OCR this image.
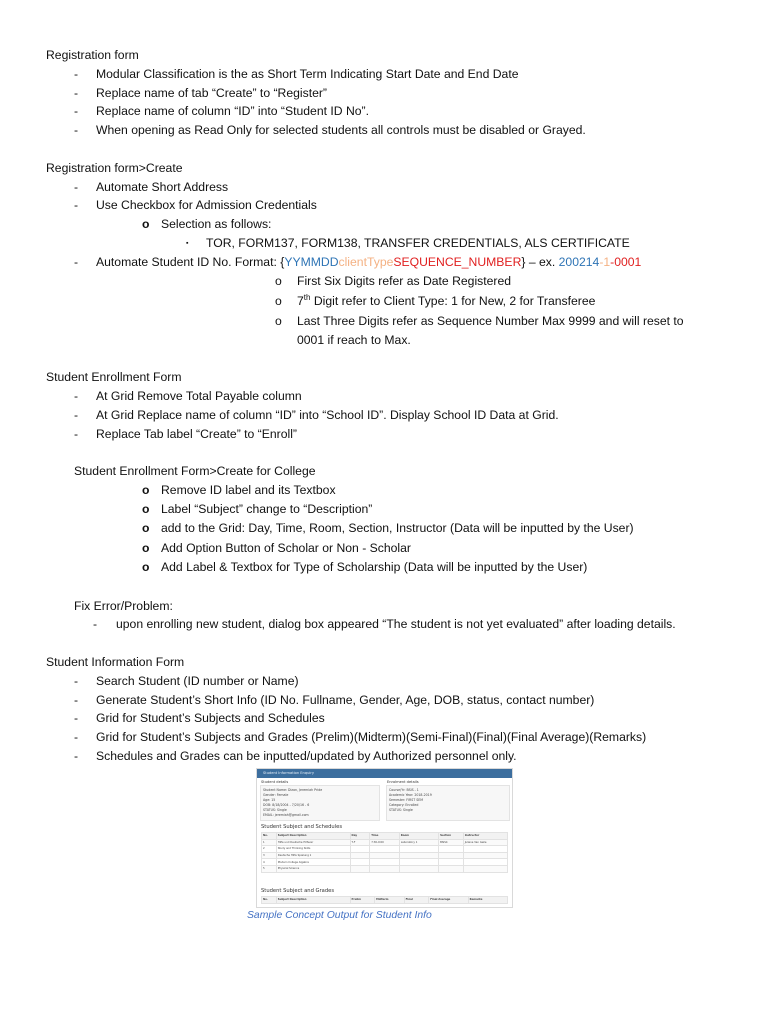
Registration form
- Modular Classification is the as Short Term Indicating Start Date and End Date
- Replace name of tab “Create” to “Register”
- Replace name of column “ID” into “Student ID No”.
- When opening as Read Only for selected students all controls must be disabled or Grayed.
Registration form>Create
- Automate Short Address
- Use Checkbox for Admission Credentials
o Selection as follows:
▪ TOR, FORM137, FORM138, TRANSFER CREDENTIALS, ALS CERTIFICATE
- Automate Student ID No. Format: {YYMMDDclientTypeSEQUENCE_NUMBER} – ex. 200214-1-0001
o First Six Digits refer as Date Registered
o 7th Digit refer to Client Type: 1 for New, 2 for Transferee
o Last Three Digits refer as Sequence Number Max 9999 and will reset to
0001 if reach to Max.
Student Enrollment Form
- At Grid Remove Total Payable column
- At Grid Replace name of column “ID” into “School ID”. Display School ID Data at Grid.
- Replace Tab label “Create” to “Enroll”
Student Enrollment Form>Create for College
o Remove ID label and its Textbox
o Label “Subject” change to “Description”
o add to the Grid: Day, Time, Room, Section, Instructor (Data will be inputted by the User)
o Add Option Button of Scholar or Non - Scholar
o Add Label & Textbox for Type of Scholarship (Data will be inputted by the User)
Fix Error/Problem:
- upon enrolling new student, dialog box appeared “The student is not yet evaluated” after loading details.
Student Information Form
- Search Student (ID number or Name)
- Generate Student’s Short Info (ID No. Fullname, Gender, Age, DOB, status, contact number)
- Grid for Student’s Subjects and Schedules
- Grid for Student’s Subjects and Grades (Prelim)(Midterm)(Semi-Final)(Final)(Final Average)(Remarks)
- Schedules and Grades can be inputted/updated by Authorized personnel only.
Student Information Enquiry
Student details	Enrolment details
Student Name: Dizon, Jeremiah Pride
Gender: Female
Age: 15
DOB: 8/18/2004 - 7/20/16 - 6
STATUS: Single
EMAIL: jeremiah@gmail.com
Course/Yr: BSIS - 1
Academic Year: 2018-2019
Semester: FIRST SEM
Category: Enrolled
STATUS: Single
Student Subject and Schedules
No.	Subject Description	Day	Time	Room	Section	Instructor
1	Hilfe und Deutsche Hilfsver	T-F	7:30-9:00	Laboratory 1	BSIS4	Juliane Van Geile
2	Study and Thinking Skills					
3	Deutsche Hilfe Spielung 1					
4	Modern College Algebra					
5	Physical Science					
Student Subject and Grades
No.	Subject Description	Prelim	Midterm	Final	Final Average	Remarks
Sample Concept Output for Student Info
